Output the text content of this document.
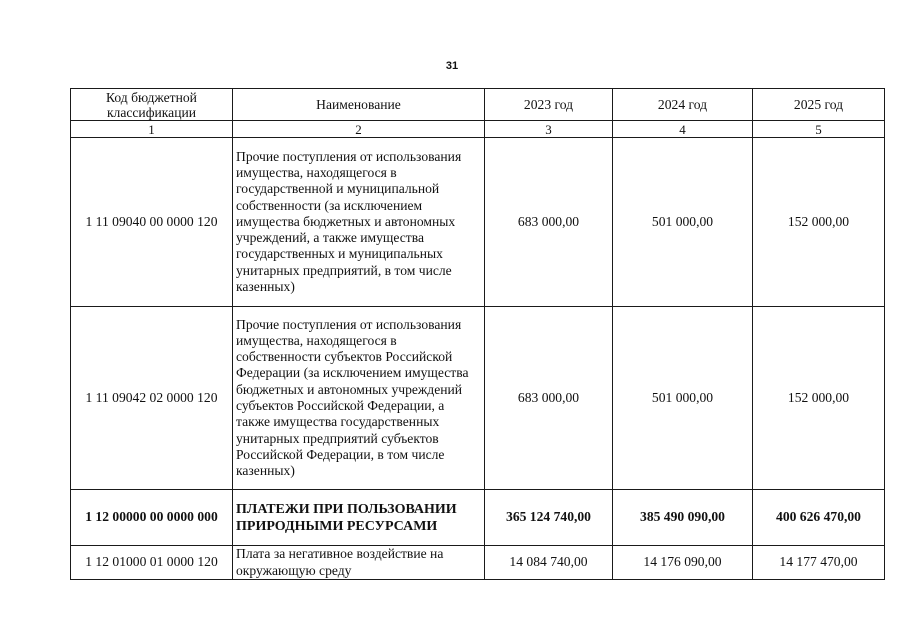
31
Код бюджетной классификации	Наименование	2023 год	2024 год	2025 год
1	2	3	4	5
1 11 09040 00 0000 120	Прочие поступления от использования имущества, находящегося в государственной и муниципальной собственности (за исключением имущества бюджетных и автономных учреждений, а также имущества государственных и муниципальных унитарных предприятий, в том числе казенных)	683 000,00	501 000,00	152 000,00
1 11 09042 02 0000 120	Прочие поступления от использования имущества, находящегося в собственности субъектов Российской Федерации (за исключением имущества бюджетных и автономных учреждений субъектов Российской Федерации, а также имущества государственных унитарных предприятий субъектов Российской Федерации, в том числе казенных)	683 000,00	501 000,00	152 000,00
1 12 00000 00 0000 000	ПЛАТЕЖИ ПРИ ПОЛЬЗОВАНИИ ПРИРОДНЫМИ РЕСУРСАМИ	365 124 740,00	385 490 090,00	400 626 470,00
1 12 01000 01 0000 120	Плата за негативное воздействие на окружающую среду	14 084 740,00	14 176 090,00	14 177 470,00
